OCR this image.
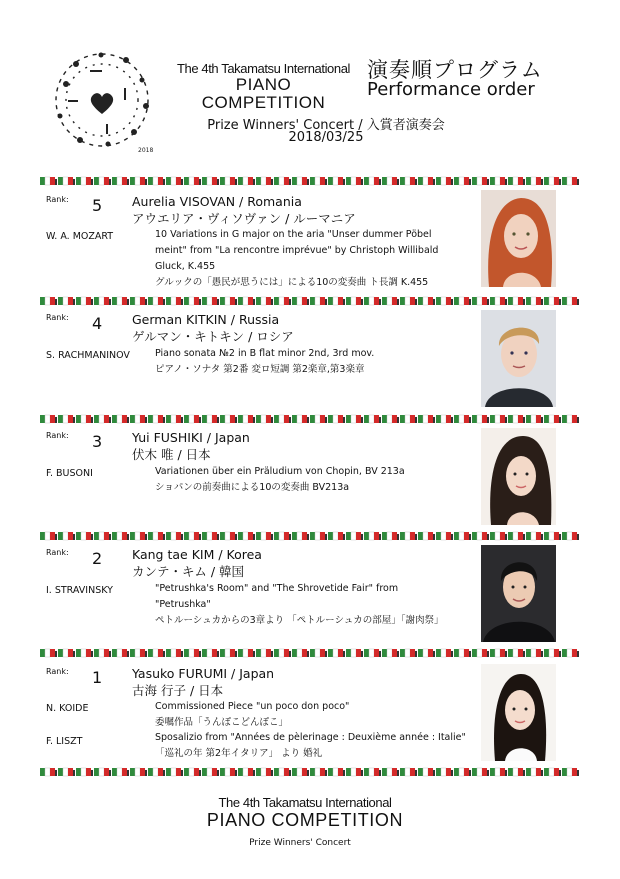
2018
The 4th Takamatsu International
PIANO COMPETITION
演奏順プログラム
Performance order
Prize Winners' Concert / 入賞者演奏会
2018/03/25
Rank: 5 Aurelia VISOVAN / Romania
アウエリア・ヴィソヴァン / ルーマニア
W. A. MOZART	10 Variations in G major on the aria "Unser dummer Pöbel
meint" from "La rencontre imprévue" by Christoph Willibald
Gluck, K.455
グルックの「愚民が思うには」による10の変奏曲 ト長調 K.455
Rank: 4 German KITKIN / Russia
ゲルマン・キトキン / ロシア
S. RACHMANINOV	Piano sonata №2 in B flat minor 2nd, 3rd mov.
ピアノ・ソナタ 第2番 変ロ短調 第2楽章,第3楽章
Rank: 3 Yui FUSHIKI / Japan
伏木 唯 / 日本
F. BUSONI	Variationen über ein Präludium von Chopin, BV 213a
ショパンの前奏曲による10の変奏曲 BV213a
Rank: 2 Kang tae KIM / Korea
カンテ・キム / 韓国
I. STRAVINSKY	"Petrushka's Room" and "The Shrovetide Fair" from
"Petrushka"
ペトルーシュカからの3章より 「ペトルーシュカの部屋」「謝肉祭」
Rank: 1 Yasuko FURUMI / Japan
古海 行子 / 日本
N. KOIDE	Commissioned Piece "un poco don poco"
委嘱作品「うんぽこどんぽこ」
F. LISZT	Sposalizio from "Années de pèlerinage : Deuxième année : Italie"
「巡礼の年 第2年イタリア」 より 婚礼
The 4th Takamatsu International
PIANO COMPETITION
Prize Winners' Concert
